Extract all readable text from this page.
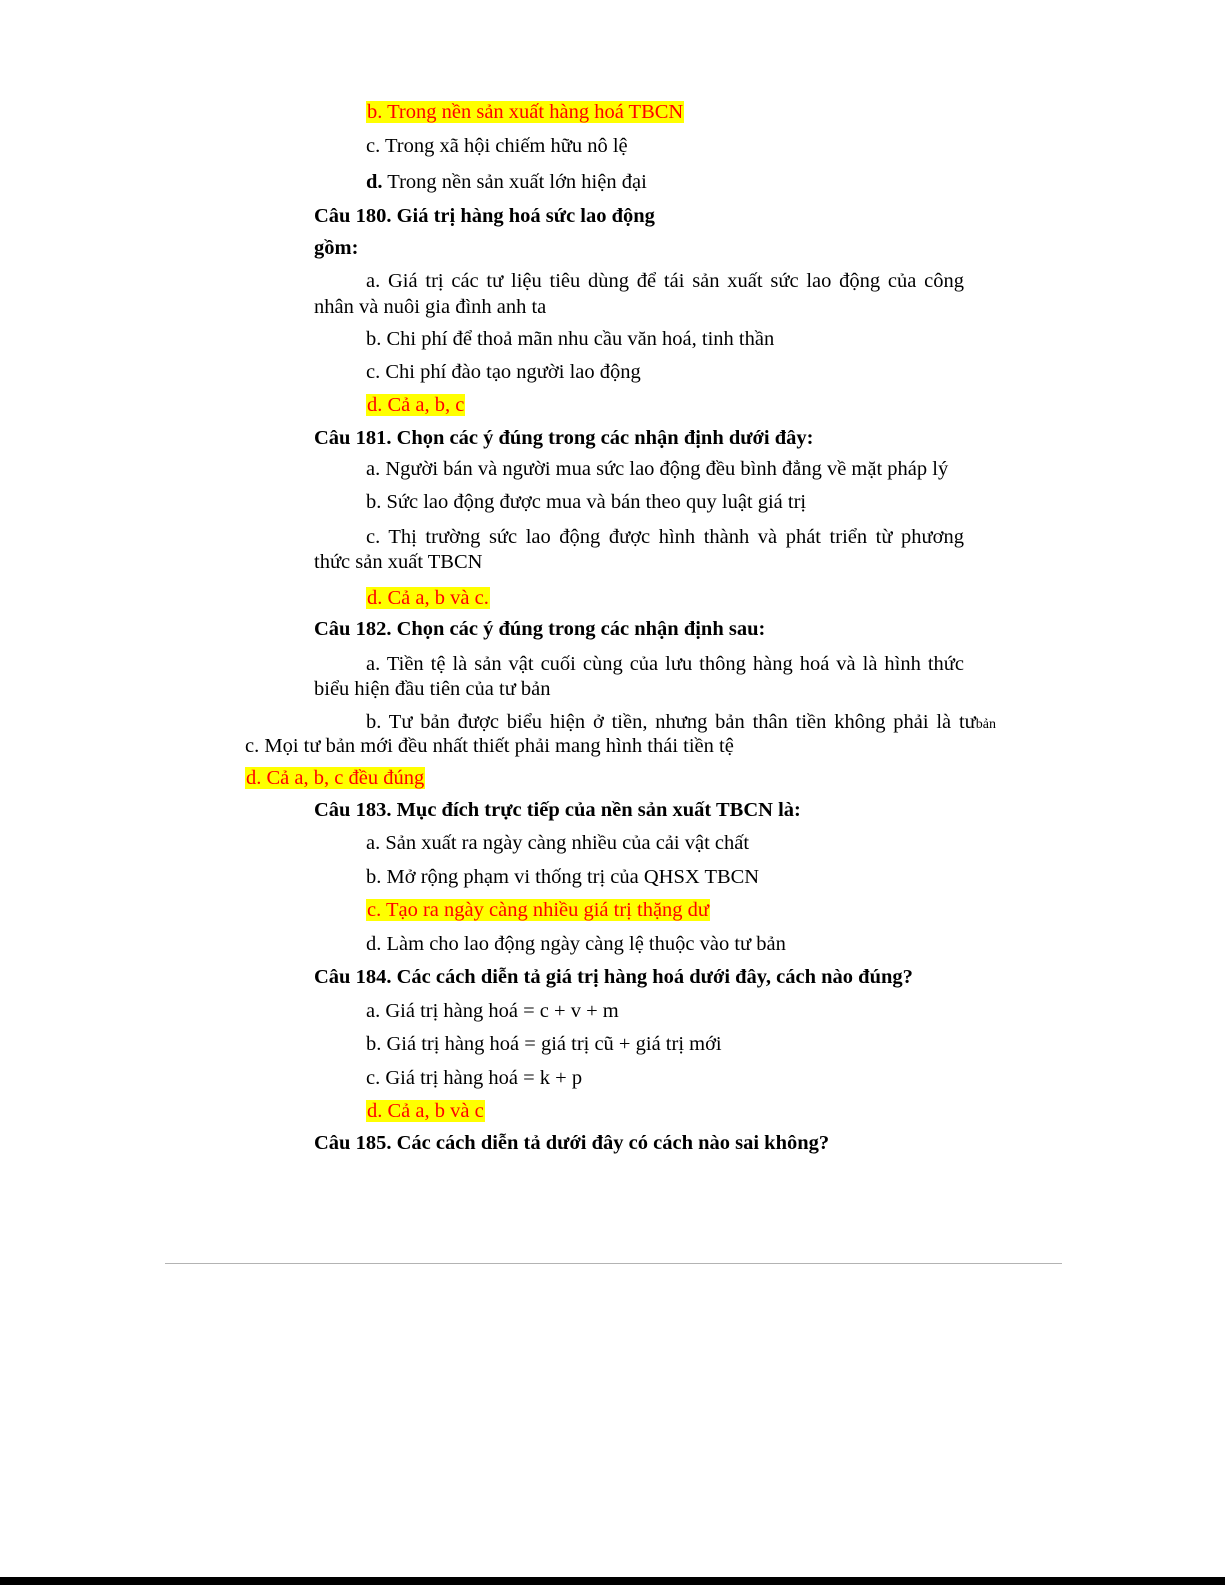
b. Trong nền sản xuất hàng hoá TBCN
c. Trong xã hội chiếm hữu nô lệ
d. Trong nền sản xuất lớn hiện đại
Câu 180. Giá trị hàng hoá sức lao động
gồm:
a. Giá trị các tư liệu tiêu dùng để tái sản xuất sức lao động của công
nhân và nuôi gia đình anh ta
b. Chi phí để thoả mãn nhu cầu văn hoá, tinh thần
c. Chi phí đào tạo người lao động
d. Cả a, b, c
Câu 181. Chọn các ý đúng trong các nhận định dưới đây:
a. Người bán và người mua sức lao động đều bình đẳng về mặt pháp lý
b. Sức lao động được mua và bán theo quy luật giá trị
c. Thị trường sức lao động được hình thành và phát triển từ phương
thức sản xuất TBCN
d. Cả a, b và c.
Câu 182. Chọn các ý đúng trong các nhận định sau:
a. Tiền tệ là sản vật cuối cùng của lưu thông hàng hoá và là hình thức
biểu hiện đầu tiên của tư bản
b. Tư bản được biểu hiện ở tiền, nhưng bản thân tiền không phải là tưbản
c. Mọi tư bản mới đều nhất thiết phải mang hình thái tiền tệ
d. Cả a, b, c đều đúng
Câu 183. Mục đích trực tiếp của nền sản xuất TBCN là:
a. Sản xuất ra ngày càng nhiều của cải vật chất
b. Mở rộng phạm vi thống trị của QHSX TBCN
c. Tạo ra ngày càng nhiều giá trị thặng dư
d. Làm cho lao động ngày càng lệ thuộc vào tư bản
Câu 184. Các cách diễn tả giá trị hàng hoá dưới đây, cách nào đúng?
a. Giá trị hàng hoá = c + v + m
b. Giá trị hàng hoá = giá trị cũ + giá trị mới
c. Giá trị hàng hoá = k + p
d. Cả a, b và c
Câu 185. Các cách diễn tả dưới đây có cách nào sai không?
